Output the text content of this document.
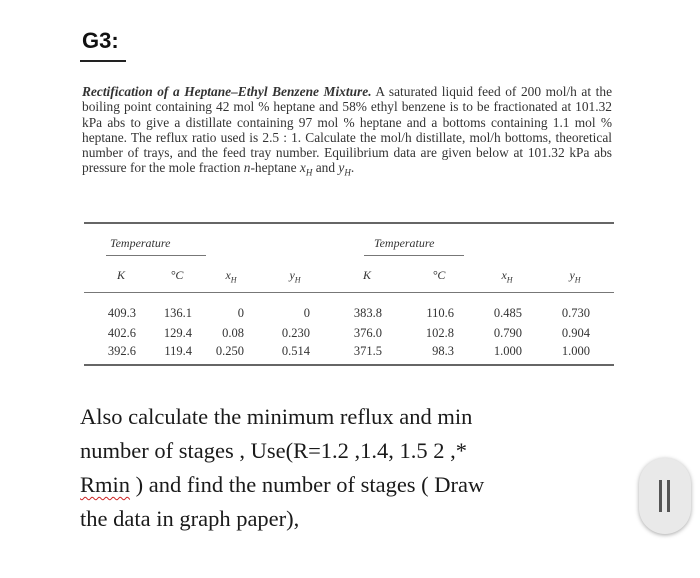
G3:
Rectification of a Heptane–Ethyl Benzene Mixture. A saturated liquid feed of 200 mol/h at the boiling point containing 42 mol % heptane and 58% ethyl benzene is to be fractionated at 101.32 kPa abs to give a distillate containing 97 mol % heptane and a bottoms containing 1.1 mol % heptane. The reflux ratio used is 2.5 : 1. Calculate the mol/h distillate, mol/h bottoms, theoretical number of trays, and the feed tray number. Equilibrium data are given below at 101.32 kPa abs pressure for the mole fraction n-heptane $x_H$ and $y_H$.
Temperature	Temperature
K	°C	$x_H$	$y_H$	K	°C	$x_H$	$y_H$
409.3	136.1	0	0	383.8	110.6	0.485	0.730
402.6	129.4	0.08	0.230	376.0	102.8	0.790	0.904
392.6	119.4	0.250	0.514	371.5	98.3	1.000	1.000
Also calculate the minimum reflux and min
number of stages , Use(R=1.2 ,1.4, 1.5 2 ,*
Rmin ) and find the number of stages ( Draw
the data in graph paper),
